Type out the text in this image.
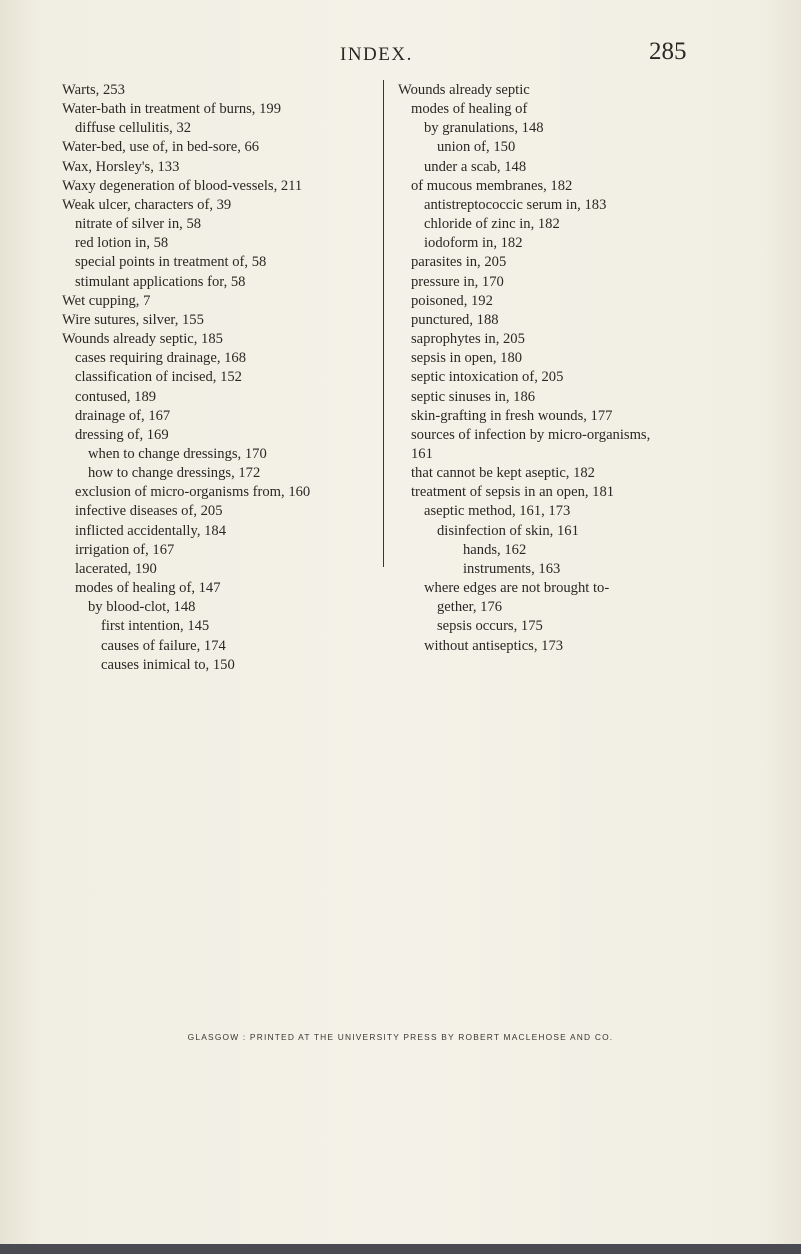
INDEX.	285
Warts, 253
Water-bath in treatment of burns, 199
diffuse cellulitis, 32
Water-bed, use of, in bed-sore, 66
Wax, Horsley's, 133
Waxy degeneration of blood-vessels, 211
Weak ulcer, characters of, 39
nitrate of silver in, 58
red lotion in, 58
special points in treatment of, 58
stimulant applications for, 58
Wet cupping, 7
Wire sutures, silver, 155
Wounds already septic, 185
cases requiring drainage, 168
classification of incised, 152
contused, 189
drainage of, 167
dressing of, 169
when to change dressings, 170
how to change dressings, 172
exclusion of micro-organisms from, 160
infective diseases of, 205
inflicted accidentally, 184
irrigation of, 167
lacerated, 190
modes of healing of, 147
by blood-clot, 148
first intention, 145
causes of failure, 174
causes inimical to, 150
Wounds already septic
modes of healing of
by granulations, 148
union of, 150
under a scab, 148
of mucous membranes, 182
antistreptococcic serum in, 183
chloride of zinc in, 182
iodoform in, 182
parasites in, 205
pressure in, 170
poisoned, 192
punctured, 188
saprophytes in, 205
sepsis in open, 180
septic intoxication of, 205
septic sinuses in, 186
skin-grafting in fresh wounds, 177
sources of infection by micro-organisms,
161
that cannot be kept aseptic, 182
treatment of sepsis in an open, 181
aseptic method, 161, 173
disinfection of skin, 161
hands, 162
instruments, 163
where edges are not brought to-
gether, 176
sepsis occurs, 175
without antiseptics, 173
GLASGOW : PRINTED AT THE UNIVERSITY PRESS BY ROBERT MACLEHOSE AND CO.
